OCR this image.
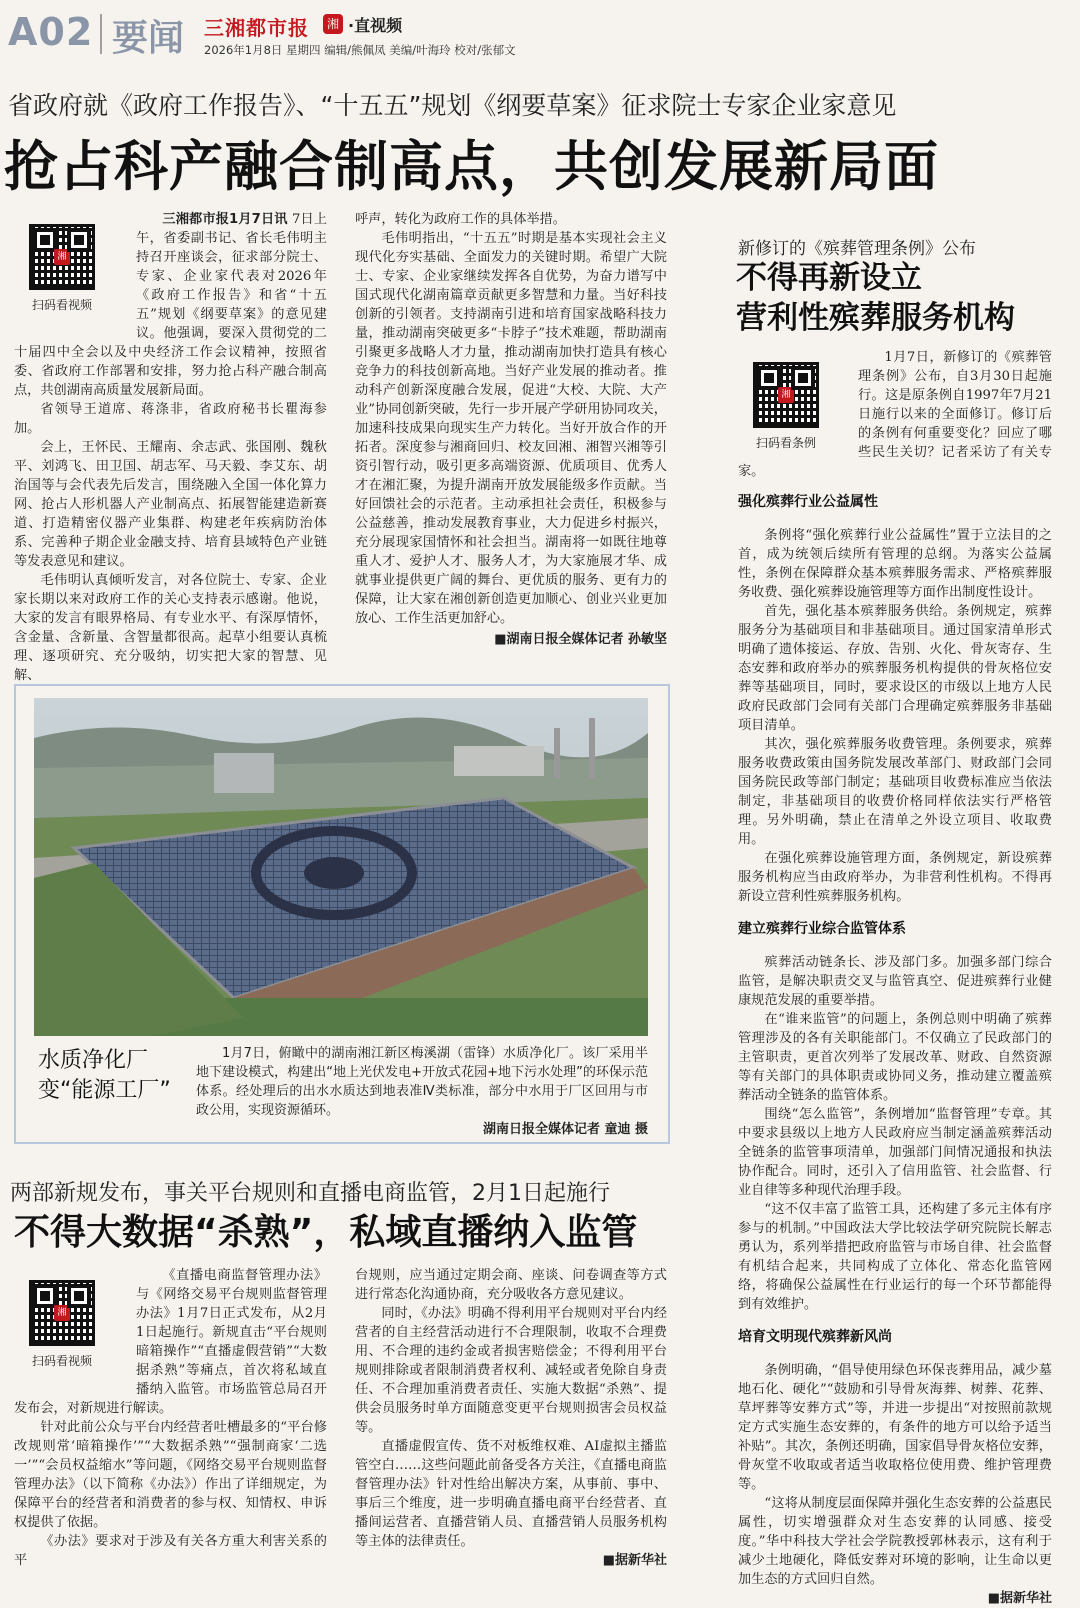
A02 要闻 三湘都市报	湘 ·直视频
2026年1月8日 星期四 编辑/熊佩凤 美编/叶海玲 校对/张郁文
省政府就《政府工作报告》、“十五五”规划《纲要草案》征求院士专家企业家意见
抢占科产融合制高点，共创发展新局面
湘
扫码看视频

三湘都市报1月7日讯 7日上午，省委副书记、省长毛伟明主持召开座谈会，征求部分院士、专家、企业家代表对2026年《政府工作报告》和省“十五五”规划《纲要草案》的意见建议。他强调，要深入贯彻党的二十届四中全会以及中央经济工作会议精神，按照省委、省政府工作部署和安排，努力抢占科产融合制高点，共创湖南高质量发展新局面。

省领导王道席、蒋涤非，省政府秘书长瞿海参加。

会上，王怀民、王耀南、余志武、张国刚、魏秋平、刘鸿飞、田卫国、胡志军、马天毅、李艾东、胡治国等与会代表先后发言，围绕融入全国一体化算力网、抢占人形机器人产业制高点、拓展智能建造新赛道、打造精密仪器产业集群、构建老年疾病防治体系、完善种子期企业金融支持、培育县域特色产业链等发表意见和建议。

毛伟明认真倾听发言，对各位院士、专家、企业家长期以来对政府工作的关心支持表示感谢。他说，大家的发言有眼界格局、有专业水平、有深厚情怀，含金量、含新量、含智量都很高。起草小组要认真梳理、逐项研究、充分吸纳，切实把大家的智慧、见解、

呼声，转化为政府工作的具体举措。

毛伟明指出，“十五五”时期是基本实现社会主义现代化夯实基础、全面发力的关键时期。希望广大院士、专家、企业家继续发挥各自优势，为奋力谱写中国式现代化湖南篇章贡献更多智慧和力量。当好科技创新的引领者。支持湖南引进和培育国家战略科技力量，推动湖南突破更多“卡脖子”技术难题，帮助湖南引聚更多战略人才力量，推动湖南加快打造具有核心竞争力的科技创新高地。当好产业发展的推动者。推动科产创新深度融合发展，促进“大校、大院、大产业”协同创新突破，先行一步开展产学研用协同攻关，加速科技成果向现实生产力转化。当好开放合作的开拓者。深度参与湘商回归、校友回湘、湘智兴湘等引资引智行动，吸引更多高端资源、优质项目、优秀人才在湘汇聚，为提升湖南开放发展能级多作贡献。当好回馈社会的示范者。主动承担社会责任，积极参与公益慈善，推动发展教育事业，大力促进乡村振兴，充分展现家国情怀和社会担当。湖南将一如既往地尊重人才、爱护人才、服务人才，为大家施展才华、成就事业提供更广阔的舞台、更优质的服务、更有力的保障，让大家在湘创新创造更加顺心、创业兴业更加放心、工作生活更加舒心。

■湖南日报全媒体记者 孙敏坚
水质净化厂
变“能源工厂”

1月7日，俯瞰中的湖南湘江新区梅溪湖（雷锋）水质净化厂。该厂采用半地下建设模式，构建出“地上光伏发电+开放式花园+地下污水处理”的环保示范体系。经处理后的出水水质达到地表准Ⅳ类标准，部分中水用于厂区回用与市政公用，实现资源循环。

湖南日报全媒体记者 童迪 摄
两部新规发布，事关平台规则和直播电商监管，2月1日起施行
不得大数据“杀熟”，私域直播纳入监管
湘
扫码看视频

《直播电商监督管理办法》与《网络交易平台规则监督管理办法》1月7日正式发布，从2月1日起施行。新规直击“平台规则暗箱操作”“直播虚假营销”“大数据杀熟”等痛点，首次将私域直播纳入监管。市场监管总局召开发布会，对新规进行解读。

针对此前公众与平台内经营者吐槽最多的“平台修改规则常‘暗箱操作’”“大数据杀熟”“强制商家‘二选一’”“会员权益缩水”等问题，《网络交易平台规则监督管理办法》（以下简称《办法》）作出了详细规定，为保障平台的经营者和消费者的参与权、知情权、申诉权提供了依据。

《办法》要求对于涉及有关各方重大利害关系的平

台规则，应当通过定期会商、座谈、问卷调查等方式进行常态化沟通协商，充分吸收各方意见建议。

同时，《办法》明确不得利用平台规则对平台内经营者的自主经营活动进行不合理限制，收取不合理费用、不合理的违约金或者损害赔偿金；不得利用平台规则排除或者限制消费者权利、减轻或者免除自身责任、不合理加重消费者责任、实施大数据“杀熟”、提供会员服务时单方面随意变更平台规则损害会员权益等。

直播虚假宣传、货不对板维权难、AI虚拟主播监管空白……这些问题此前备受各方关注，《直播电商监督管理办法》针对性给出解决方案，从事前、事中、事后三个维度，进一步明确直播电商平台经营者、直播间运营者、直播营销人员、直播营销人员服务机构等主体的法律责任。

■据新华社
新修订的《殡葬管理条例》公布
不得再新设立
营利性殡葬服务机构
湘
扫码看条例

1月7日，新修订的《殡葬管理条例》公布，自3月30日起施行。这是原条例自1997年7月21日施行以来的全面修订。修订后的条例有何重要变化？回应了哪些民生关切？记者采访了有关专家。

强化殡葬行业公益属性

条例将“强化殡葬行业公益属性”置于立法目的之首，成为统领后续所有管理的总纲。为落实公益属性，条例在保障群众基本殡葬服务需求、严格殡葬服务收费、强化殡葬设施管理等方面作出制度性设计。

首先，强化基本殡葬服务供给。条例规定，殡葬服务分为基础项目和非基础项目。通过国家清单形式明确了遗体接运、存放、告别、火化、骨灰寄存、生态安葬和政府举办的殡葬服务机构提供的骨灰格位安葬等基础项目，同时，要求设区的市级以上地方人民政府民政部门会同有关部门合理确定殡葬服务非基础项目清单。

其次，强化殡葬服务收费管理。条例要求，殡葬服务收费政策由国务院发展改革部门、财政部门会同国务院民政等部门制定；基础项目收费标准应当依法制定，非基础项目的收费价格同样依法实行严格管理。另外明确，禁止在清单之外设立项目、收取费用。

在强化殡葬设施管理方面，条例规定，新设殡葬服务机构应当由政府举办，为非营利性机构。不得再新设立营利性殡葬服务机构。

建立殡葬行业综合监管体系

殡葬活动链条长、涉及部门多。加强多部门综合监管，是解决职责交叉与监管真空、促进殡葬行业健康规范发展的重要举措。

在“谁来监管”的问题上，条例总则中明确了殡葬管理涉及的各有关职能部门。不仅确立了民政部门的主管职责，更首次列举了发展改革、财政、自然资源等有关部门的具体职责或协同义务，推动建立覆盖殡葬活动全链条的监管体系。

围绕“怎么监管”，条例增加“监督管理”专章。其中要求县级以上地方人民政府应当制定涵盖殡葬活动全链条的监管事项清单，加强部门间情况通报和执法协作配合。同时，还引入了信用监管、社会监督、行业自律等多种现代治理手段。

“这不仅丰富了监管工具，还构建了多元主体有序参与的机制。”中国政法大学比较法学研究院院长解志勇认为，系列举措把政府监管与市场自律、社会监督有机结合起来，共同构成了立体化、常态化监管网络，将确保公益属性在行业运行的每一个环节都能得到有效维护。

培育文明现代殡葬新风尚

条例明确，“倡导使用绿色环保丧葬用品，减少墓地石化、硬化”“鼓励和引导骨灰海葬、树葬、花葬、草坪葬等安葬方式”等，并进一步提出“对按照前款规定方式实施生态安葬的，有条件的地方可以给予适当补贴”。其次，条例还明确，国家倡导骨灰格位安葬，骨灰堂不收取或者适当收取格位使用费、维护管理费等。

“这将从制度层面保障并强化生态安葬的公益惠民属性，切实增强群众对生态安葬的认同感、接受度。”华中科技大学社会学院教授郭林表示，这有利于减少土地硬化，降低安葬对环境的影响，让生命以更加生态的方式回归自然。

■据新华社
